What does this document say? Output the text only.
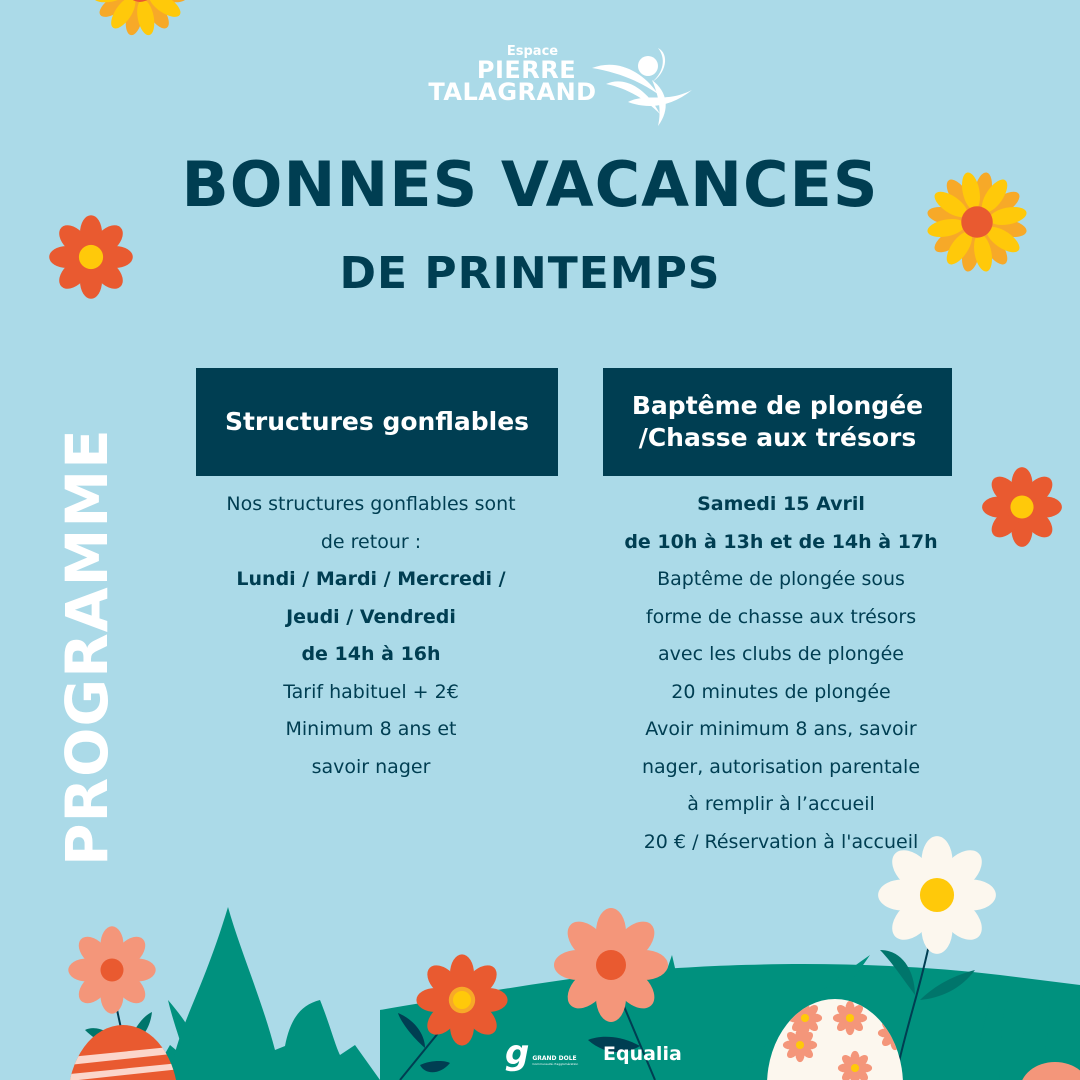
Espace
PIERRE
TALAGRAND
BONNES VACANCES
DE PRINTEMPS
PROGRAMME
Structures gonflables
Baptême de plongée
/Chasse aux trésors
Nos structures gonflables sont
de retour :
Lundi / Mardi / Mercredi /
Jeudi / Vendredi
de 14h à 16h
Tarif habituel + 2€
Minimum 8 ans et
savoir nager
Samedi 15 Avril
de 10h à 13h et de 14h à 17h
Baptême de plongée sous
forme de chasse aux trésors
avec les clubs de plongée
20 minutes de plongée
Avoir minimum 8 ans, savoir
nager, autorisation parentale
à remplir à l’accueil
20 € / Réservation à l'accueil
g GRAND DOLE
Communauté d'agglomération Equalia
